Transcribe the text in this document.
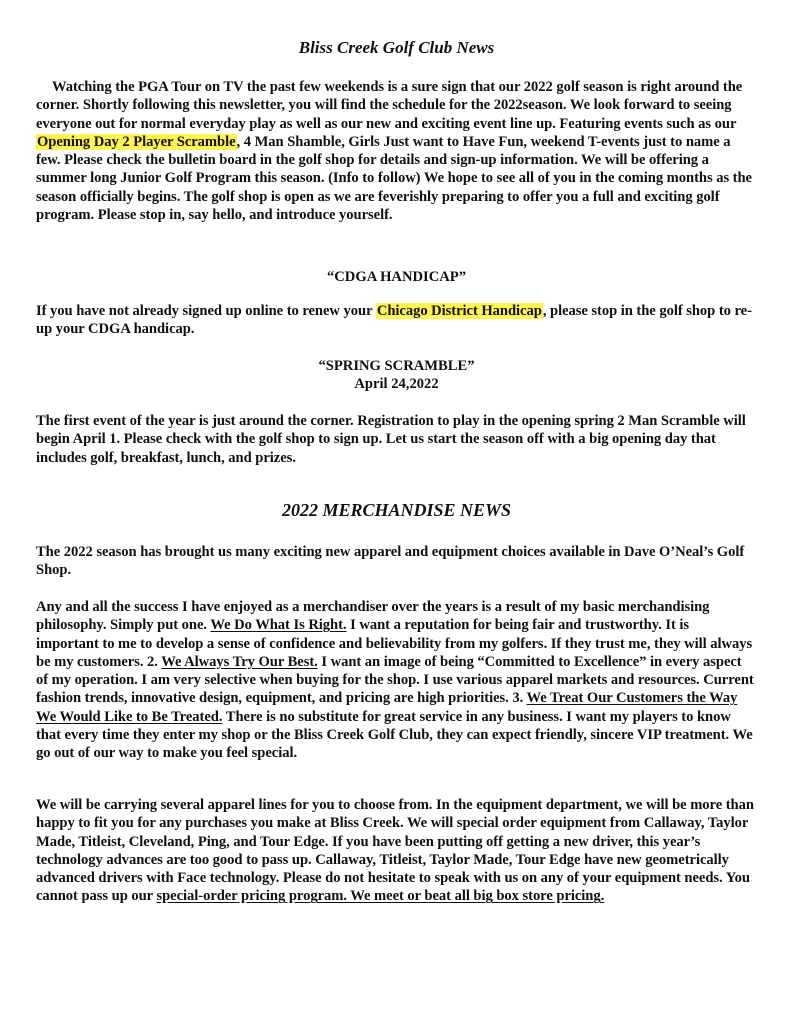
Bliss Creek Golf Club News

Watching the PGA Tour on TV the past few weekends is a sure sign that our 2022 golf season is right around the corner. Shortly following this newsletter, you will find the schedule for the 2022season. We look forward to seeing everyone out for normal everyday play as well as our new and exciting event line up. Featuring events such as our Opening Day 2 Player Scramble, 4 Man Shamble, Girls Just want to Have Fun, weekend T-events just to name a few. Please check the bulletin board in the golf shop for details and sign-up information. We will be offering a summer long Junior Golf Program this season. (Info to follow) We hope to see all of you in the coming months as the season officially begins. The golf shop is open as we are feverishly preparing to offer you a full and exciting golf program. Please stop in, say hello, and introduce yourself.

“CDGA HANDICAP”

If you have not already signed up online to renew your Chicago District Handicap, please stop in the golf shop to re-up your CDGA handicap.

“SPRING SCRAMBLE”

April 24,2022

The first event of the year is just around the corner. Registration to play in the opening spring 2 Man Scramble will begin April 1. Please check with the golf shop to sign up. Let us start the season off with a big opening day that includes golf, breakfast, lunch, and prizes.

2022 MERCHANDISE NEWS

The 2022 season has brought us many exciting new apparel and equipment choices available in Dave O’Neal’s Golf Shop.

Any and all the success I have enjoyed as a merchandiser over the years is a result of my basic merchandising philosophy. Simply put one. We Do What Is Right. I want a reputation for being fair and trustworthy. It is important to me to develop a sense of confidence and believability from my golfers. If they trust me, they will always be my customers. 2. We Always Try Our Best. I want an image of being “Committed to Excellence” in every aspect of my operation. I am very selective when buying for the shop. I use various apparel markets and resources. Current fashion trends, innovative design, equipment, and pricing are high priorities. 3. We Treat Our Customers the Way We Would Like to Be Treated. There is no substitute for great service in any business. I want my players to know that every time they enter my shop or the Bliss Creek Golf Club, they can expect friendly, sincere VIP treatment. We go out of our way to make you feel special.

We will be carrying several apparel lines for you to choose from. In the equipment department, we will be more than happy to fit you for any purchases you make at Bliss Creek. We will special order equipment from Callaway, Taylor Made, Titleist, Cleveland, Ping, and Tour Edge. If you have been putting off getting a new driver, this year’s technology advances are too good to pass up. Callaway, Titleist, Taylor Made, Tour Edge have new geometrically advanced drivers with Face technology. Please do not hesitate to speak with us on any of your equipment needs. You cannot pass up our special-order pricing program. We meet or beat all big box store pricing.
